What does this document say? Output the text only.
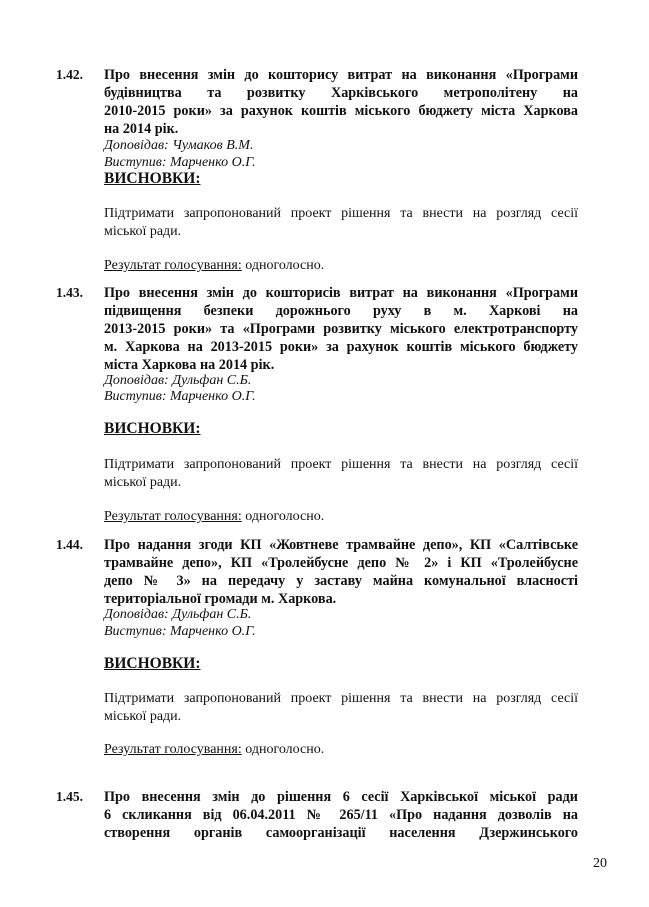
1.42. Про внесення змін до кошторису витрат на виконання «Програми
будівництва та розвитку Харківського метрополітену на
2010-2015 роки» за рахунок коштів міського бюджету міста Харкова
на 2014 рік.
Доповідав: Чумаков В.М.
Виступив: Марченко О.Г.
ВИСНОВКИ:
Підтримати запропонований проект рішення та внести на розгляд сесії
міської ради.
Результат голосування: одноголосно.
1.43. Про внесення змін до кошторисів витрат на виконання «Програми
підвищення безпеки дорожнього руху в м. Харкові на
2013-2015 роки» та «Програми розвитку міського електротранспорту
м. Харкова на 2013-2015 роки» за рахунок коштів міського бюджету
міста Харкова на 2014 рік.
Доповідав: Дульфан С.Б.
Виступив: Марченко О.Г.
ВИСНОВКИ:
Підтримати запропонований проект рішення та внести на розгляд сесії
міської ради.
Результат голосування: одноголосно.
1.44. Про надання згоди КП «Жовтневе трамвайне депо», КП «Салтівське
трамвайне депо», КП «Тролейбусне депо № 2» і КП «Тролейбусне
депо № 3» на передачу у заставу майна комунальної власності
територіальної громади м. Харкова.
Доповідав: Дульфан С.Б.
Виступив: Марченко О.Г.
ВИСНОВКИ:
Підтримати запропонований проект рішення та внести на розгляд сесії
міської ради.
Результат голосування: одноголосно.
1.45. Про внесення змін до рішення 6 сесії Харківської міської ради
6 скликання від 06.04.2011 № 265/11 «Про надання дозволів на
створення органів самоорганізації населення Дзержинського
20
